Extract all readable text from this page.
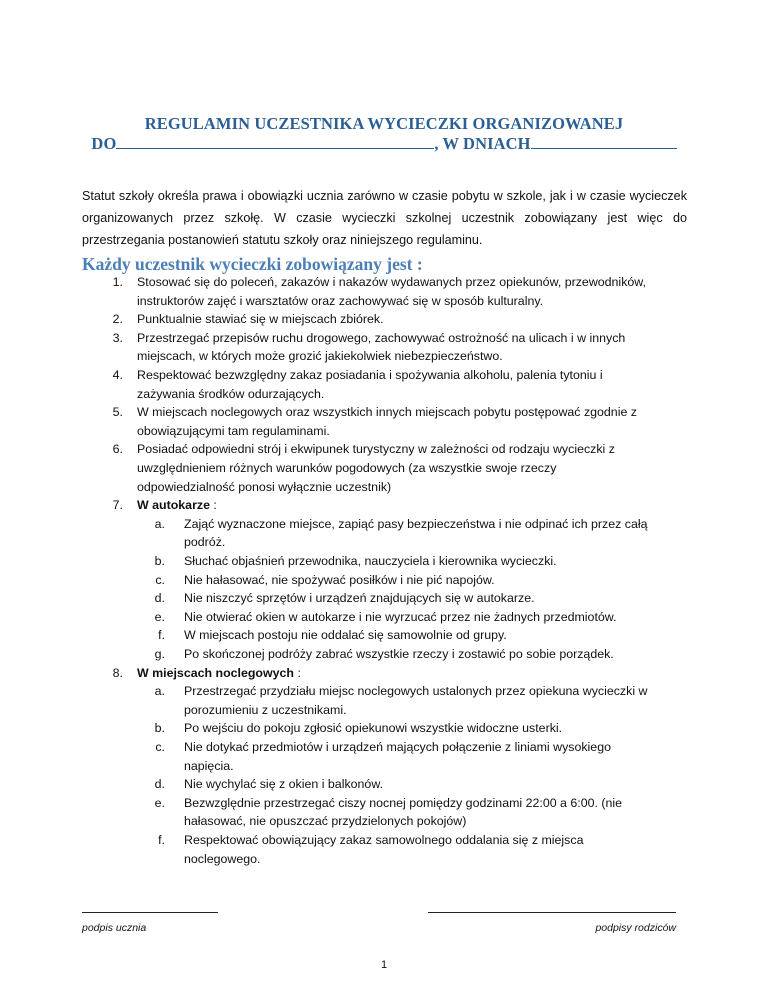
REGULAMIN UCZESTNIKA WYCIECZKI ORGANIZOWANEJ
DO	, W DNIACH
Statut szkoły określa prawa i obowiązki ucznia zarówno w czasie pobytu w szkole, jak i w czasie wycieczek organizowanych przez szkołę. W czasie wycieczki szkolnej uczestnik zobowiązany jest więc do przestrzegania postanowień statutu szkoły oraz niniejszego regulaminu.
Każdy uczestnik wycieczki zobowiązany jest :
1. Stosować się do poleceń, zakazów i nakazów wydawanych przez opiekunów, przewodników,
instruktorów zajęć i warsztatów oraz zachowywać się w sposób kulturalny.
2. Punktualnie stawiać się w miejscach zbiórek.
3. Przestrzegać przepisów ruchu drogowego, zachowywać ostrożność na ulicach i w innych
miejscach, w których może grozić jakiekolwiek niebezpieczeństwo.
4. Respektować bezwzględny zakaz posiadania i spożywania alkoholu, palenia tytoniu i
zażywania środków odurzających.
5. W miejscach noclegowych oraz wszystkich innych miejscach pobytu postępować zgodnie z
obowiązującymi tam regulaminami.
6. Posiadać odpowiedni strój i ekwipunek turystyczny w zależności od rodzaju wycieczki z
uwzględnieniem różnych warunków pogodowych (za wszystkie swoje rzeczy
odpowiedzialność ponosi wyłącznie uczestnik)
7. W autokarze :
a. Zająć wyznaczone miejsce, zapiąć pasy bezpieczeństwa i nie odpinać ich przez całą
podróż.
b. Słuchać objaśnień przewodnika, nauczyciela i kierownika wycieczki.
c. Nie hałasować, nie spożywać posiłków i nie pić napojów.
d. Nie niszczyć sprzętów i urządzeń znajdujących się w autokarze.
e. Nie otwierać okien w autokarze i nie wyrzucać przez nie żadnych przedmiotów.
f. W miejscach postoju nie oddalać się samowolnie od grupy.
g. Po skończonej podróży zabrać wszystkie rzeczy i zostawić po sobie porządek.
8. W miejscach noclegowych :
a. Przestrzegać przydziału miejsc noclegowych ustalonych przez opiekuna wycieczki w
porozumieniu z uczestnikami.
b. Po wejściu do pokoju zgłosić opiekunowi wszystkie widoczne usterki.
c. Nie dotykać przedmiotów i urządzeń mających połączenie z liniami wysokiego
napięcia.
d. Nie wychylać się z okien i balkonów.
e. Bezwzględnie przestrzegać ciszy nocnej pomiędzy godzinami 22:00 a 6:00. (nie
hałasować, nie opuszczać przydzielonych pokojów)
f. Respektować obowiązujący zakaz samowolnego oddalania się z miejsca
noclegowego.
podpis ucznia	podpisy rodziców
1
